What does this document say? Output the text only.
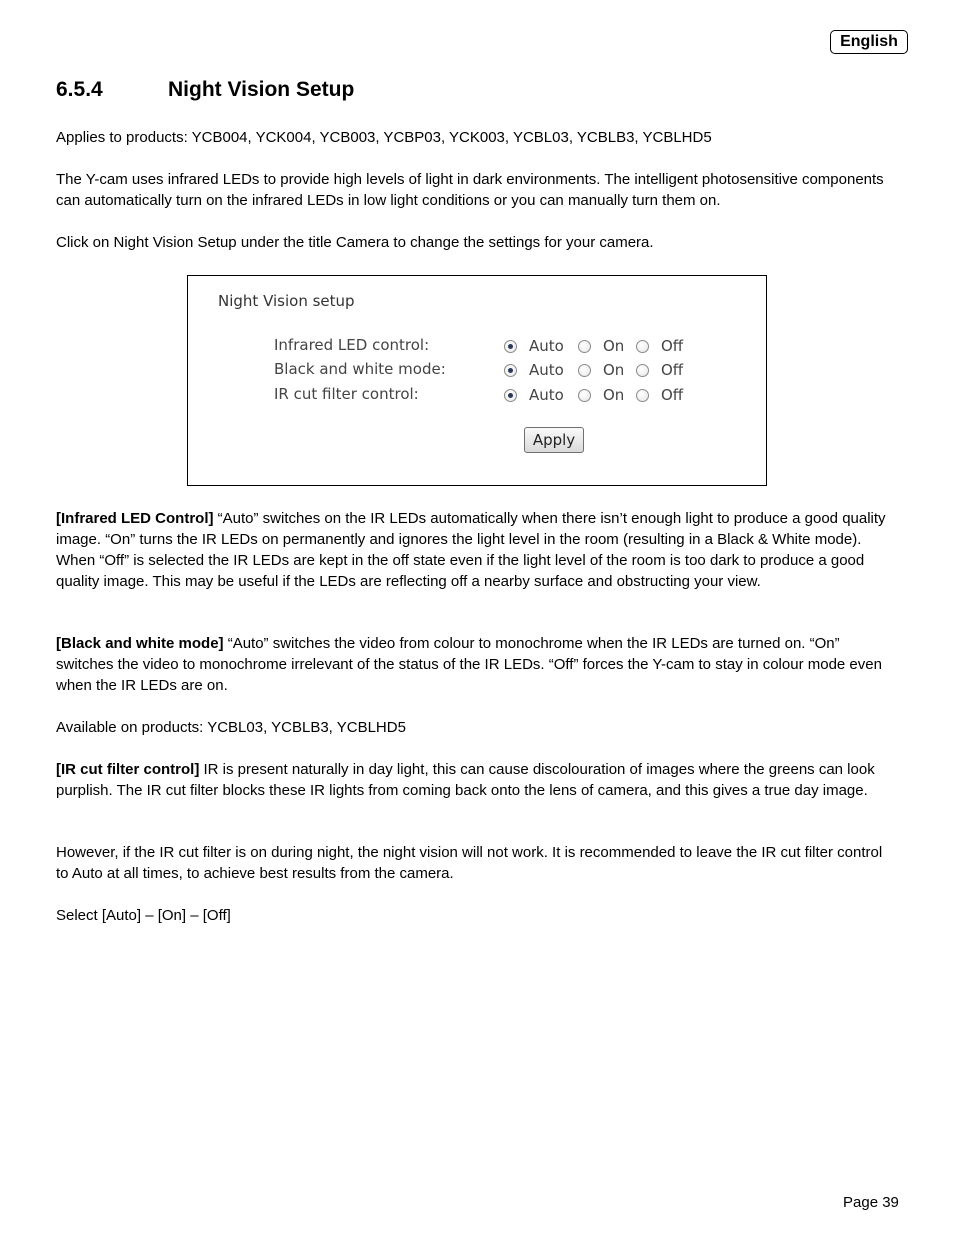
English
6.5.4	Night Vision Setup
Applies to products: YCB004, YCK004, YCB003, YCBP03, YCK003, YCBL03, YCBLB3, YCBLHD5
The Y-cam uses infrared LEDs to provide high levels of light in dark environments. The intelligent photosensitive components can automatically turn on the infrared LEDs in low light conditions or you can manually turn them on.
Click on Night Vision Setup under the title Camera to change the settings for your camera.
Night Vision setup
Infrared LED control:	Auto	On Off
Black and white mode:	Auto	On Off
IR cut filter control:	Auto	On Off
Apply
[Infrared LED Control] “Auto” switches on the IR LEDs automatically when there isn’t enough light to produce a good quality image. “On” turns the IR LEDs on permanently and ignores the light level in the room (resulting in a Black & White mode). When “Off” is selected the IR LEDs are kept in the off state even if the light level of the room is too dark to produce a good quality image. This may be useful if the LEDs are reflecting off a nearby surface and obstructing your view.
[Black and white mode] “Auto” switches the video from colour to monochrome when the IR LEDs are turned on. “On” switches the video to monochrome irrelevant of the status of the IR LEDs. “Off” forces the Y-cam to stay in colour mode even when the IR LEDs are on.
Available on products: YCBL03, YCBLB3, YCBLHD5
[IR cut filter control] IR is present naturally in day light, this can cause discolouration of images where the greens can look purplish. The IR cut filter blocks these IR lights from coming back onto the lens of camera, and this gives a true day image.
However, if the IR cut filter is on during night, the night vision will not work. It is recommended to leave the IR cut filter control to Auto at all times, to achieve best results from the camera.
Select [Auto] – [On] – [Off]
Page 39
